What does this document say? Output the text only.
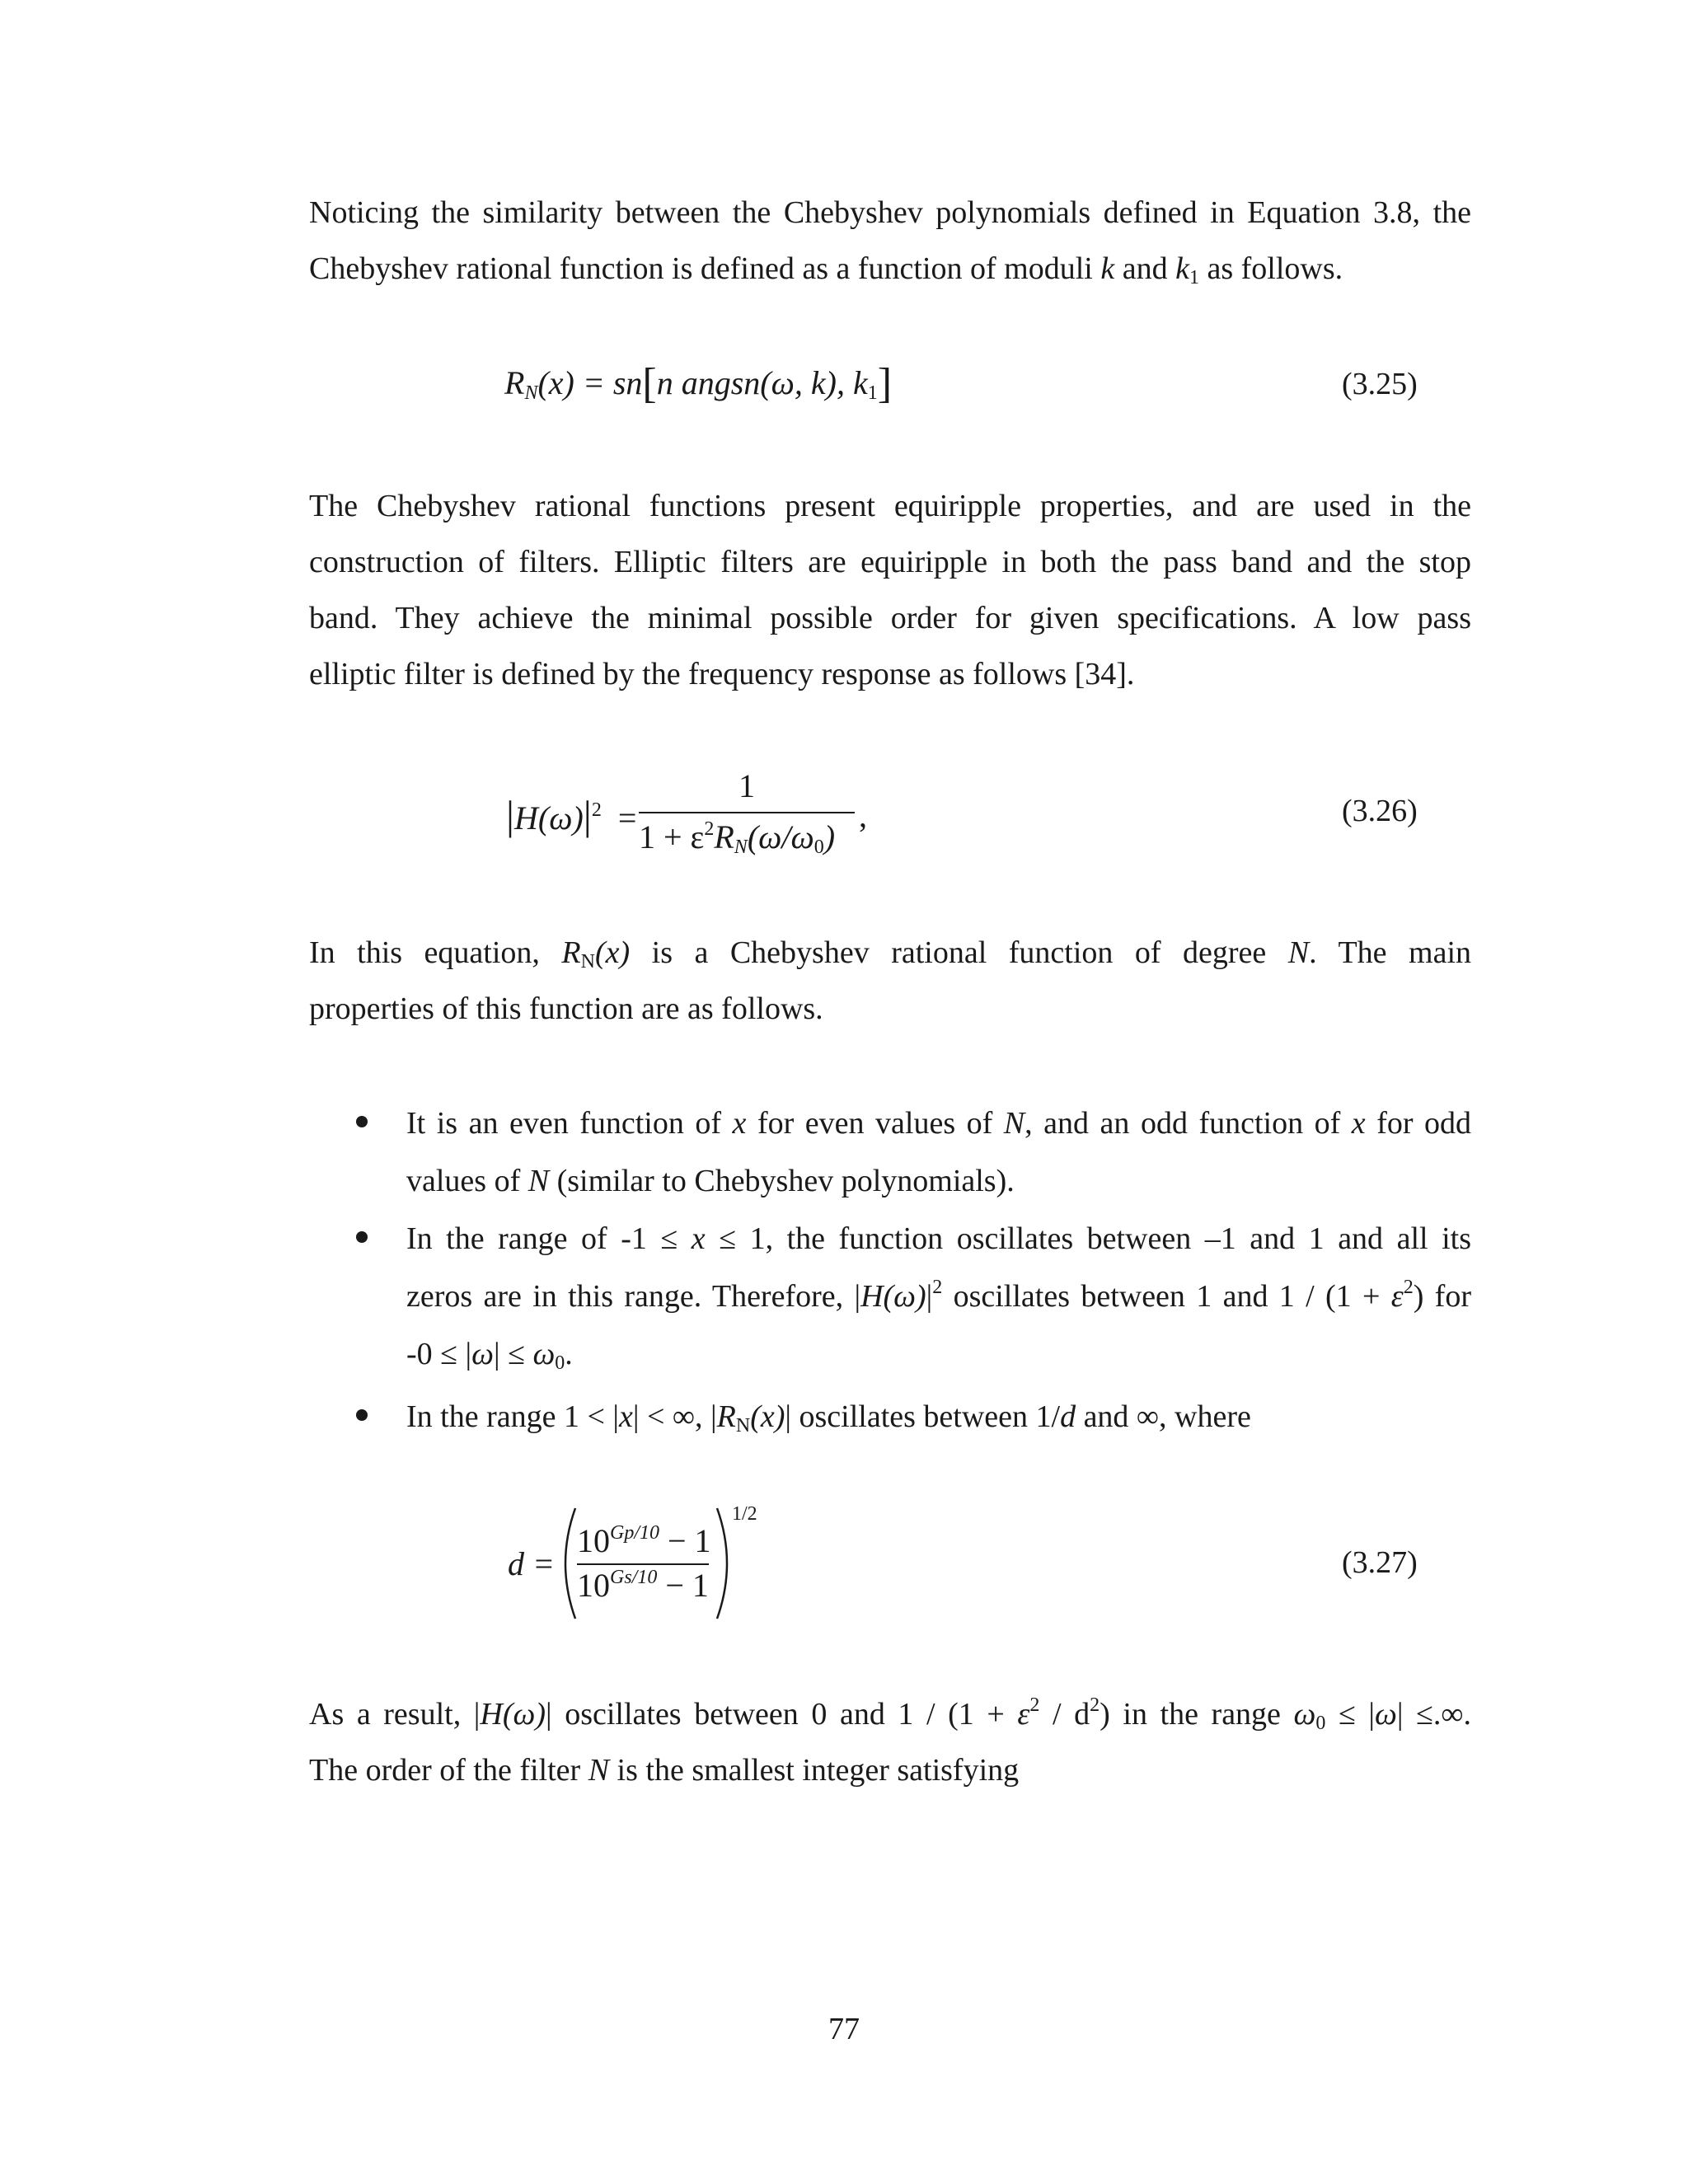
Noticing the similarity between the Chebyshev polynomials defined in Equation 3.8, the
Chebyshev rational function is defined as a function of moduli k and $k_1$ as follows.
$R_N(x) = sn[n$ angsn(ω, k), $k_1$]	(3.25)
The Chebyshev rational functions present equiripple properties, and are used in the
construction of filters. Elliptic filters are equiripple in both the pass band and the stop
band. They achieve the minimal possible order for given specifications. A low pass
elliptic filter is defined by the frequency response as follows [34].
$|H(\omega)|^2$  =
1
$1 + \varepsilon^2R_N(\omega/\omega_0)$
,	(3.26)
In this equation, $R_N(x)$ is a Chebyshev rational function of degree N. The main
properties of this function are as follows.
It is an even function of x for even values of N, and an odd function of x for odd
values of N (similar to Chebyshev polynomials).
In the range of -1 ≤ x ≤ 1, the function oscillates between –1 and 1 and all its
zeros are in this range. Therefore, $|H(\omega)|^2$ oscillates between 1 and $1 / (1 + \varepsilon^2)$ for
$-0 \le |\omega| \le \omega_0$.
In the range 1 < |x| < ∞, $|R_N(x)|$ oscillates between 1/d and ∞, where
d =
$10^{Gp/10} - 1$
$10^{Gs/10} - 1$
1/2
(3.27)
As a result, |H(ω)| oscillates between 0 and $1 / (1 + \varepsilon^2 / d^2)$ in the range $\omega_0 \le |\omega|$ ≤.∞.
The order of the filter N is the smallest integer satisfying
77
